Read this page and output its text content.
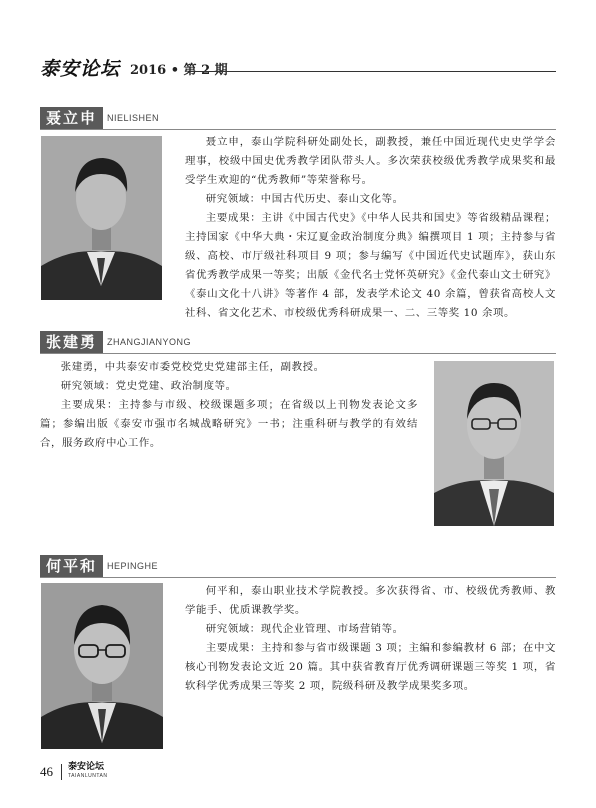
泰安论坛 2016 • 第 2 期
聂立申	NIELISHEN

聂立申，泰山学院科研处副处长，副教授，兼任中国近现代史史学学会理事，校级中国史优秀教学团队带头人。多次荣获校级优秀教学成果奖和最受学生欢迎的“优秀教师”等荣誉称号。

研究领域：中国古代历史、泰山文化等。

主要成果：主讲《中国古代史》《中华人民共和国史》等省级精品课程；主持国家《中华大典・宋辽夏金政治制度分典》编撰项目 1 项；主持参与省级、高校、市厅级社科项目 9 项；参与编写《中国近代史试题库》，获山东省优秀教学成果一等奖；出版《金代名士党怀英研究》《金代泰山文士研究》《泰山文化十八讲》等著作 4 部，发表学术论文 40 余篇，曾获省高校人文社科、省文化艺术、市校级优秀科研成果一、二、三等奖 10 余项。

张建勇	ZHANGJIANYONG

张建勇，中共泰安市委党校党史党建部主任，副教授。

研究领域：党史党建、政治制度等。

主要成果：主持参与市级、校级课题多项；在省级以上刊物发表论文多篇；参编出版《泰安市强市名城战略研究》一书；注重科研与教学的有效结合，服务政府中心工作。

何平和	HEPINGHE

何平和，泰山职业技术学院教授。多次获得省、市、校级优秀教师、教学能手、优质课教学奖。

研究领域：现代企业管理、市场营销等。

主要成果：主持和参与省市级课题 3 项；主编和参编教材 6 部；在中文核心刊物发表论文近 20 篇。其中获省教育厅优秀调研课题三等奖 1 项，省软科学优秀成果三等奖 2 项，院级科研及教学成果奖多项。

46 泰安论坛
TAIANLUNTAN
